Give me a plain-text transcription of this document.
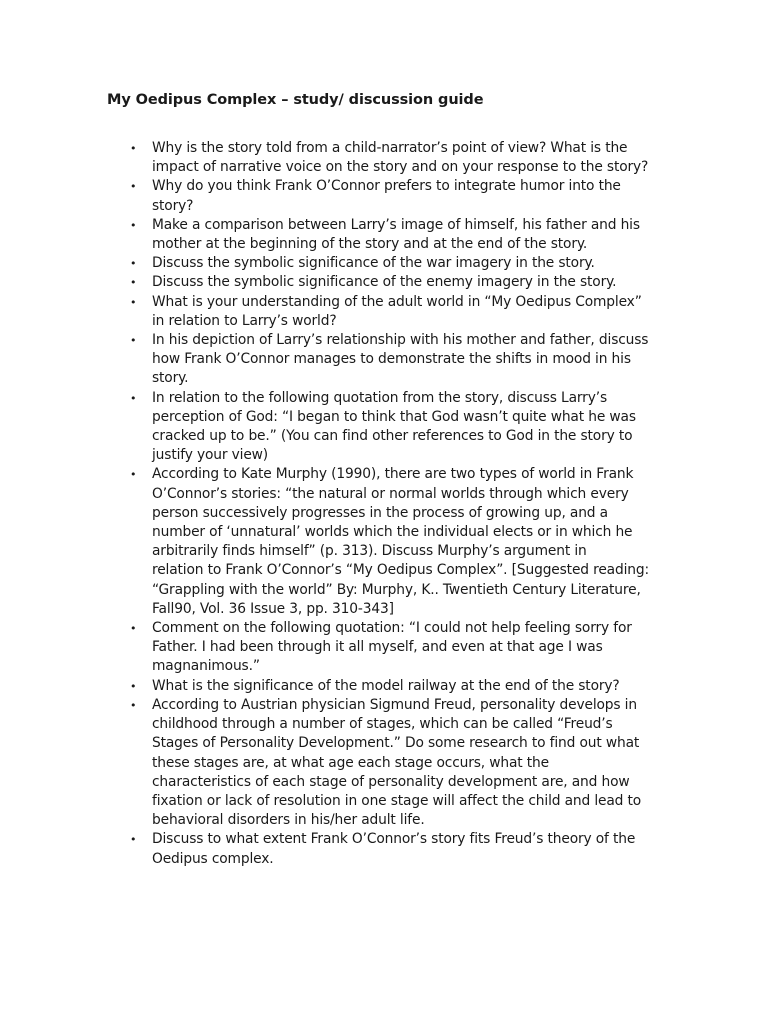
My Oedipus Complex – study/ discussion guide
• Why is the story told from a child-narrator’s point of view? What is the
impact of narrative voice on the story and on your response to the story?
• Why do you think Frank O’Connor prefers to integrate humor into the
story?
• Make a comparison between Larry’s image of himself, his father and his
mother at the beginning of the story and at the end of the story.
• Discuss the symbolic significance of the war imagery in the story.
• Discuss the symbolic significance of the enemy imagery in the story.
• What is your understanding of the adult world in “My Oedipus Complex”
in relation to Larry’s world?
• In his depiction of Larry’s relationship with his mother and father, discuss
how Frank O’Connor manages to demonstrate the shifts in mood in his
story.
• In relation to the following quotation from the story, discuss Larry’s
perception of God: “I began to think that God wasn’t quite what he was
cracked up to be.” (You can find other references to God in the story to
justify your view)
• According to Kate Murphy (1990), there are two types of world in Frank
O’Connor’s stories: “the natural or normal worlds through which every
person successively progresses in the process of growing up, and a
number of ‘unnatural’ worlds which the individual elects or in which he
arbitrarily finds himself” (p. 313). Discuss Murphy’s argument in
relation to Frank O’Connor’s “My Oedipus Complex”. [Suggested reading:
“Grappling with the world” By: Murphy, K.. Twentieth Century Literature,
Fall90, Vol. 36 Issue 3, pp. 310-343]
• Comment on the following quotation: “I could not help feeling sorry for
Father. I had been through it all myself, and even at that age I was
magnanimous.”
• What is the significance of the model railway at the end of the story?
• According to Austrian physician Sigmund Freud, personality develops in
childhood through a number of stages, which can be called “Freud’s
Stages of Personality Development.” Do some research to find out what
these stages are, at what age each stage occurs, what the
characteristics of each stage of personality development are, and how
fixation or lack of resolution in one stage will affect the child and lead to
behavioral disorders in his/her adult life.
• Discuss to what extent Frank O’Connor’s story fits Freud’s theory of the
Oedipus complex.
